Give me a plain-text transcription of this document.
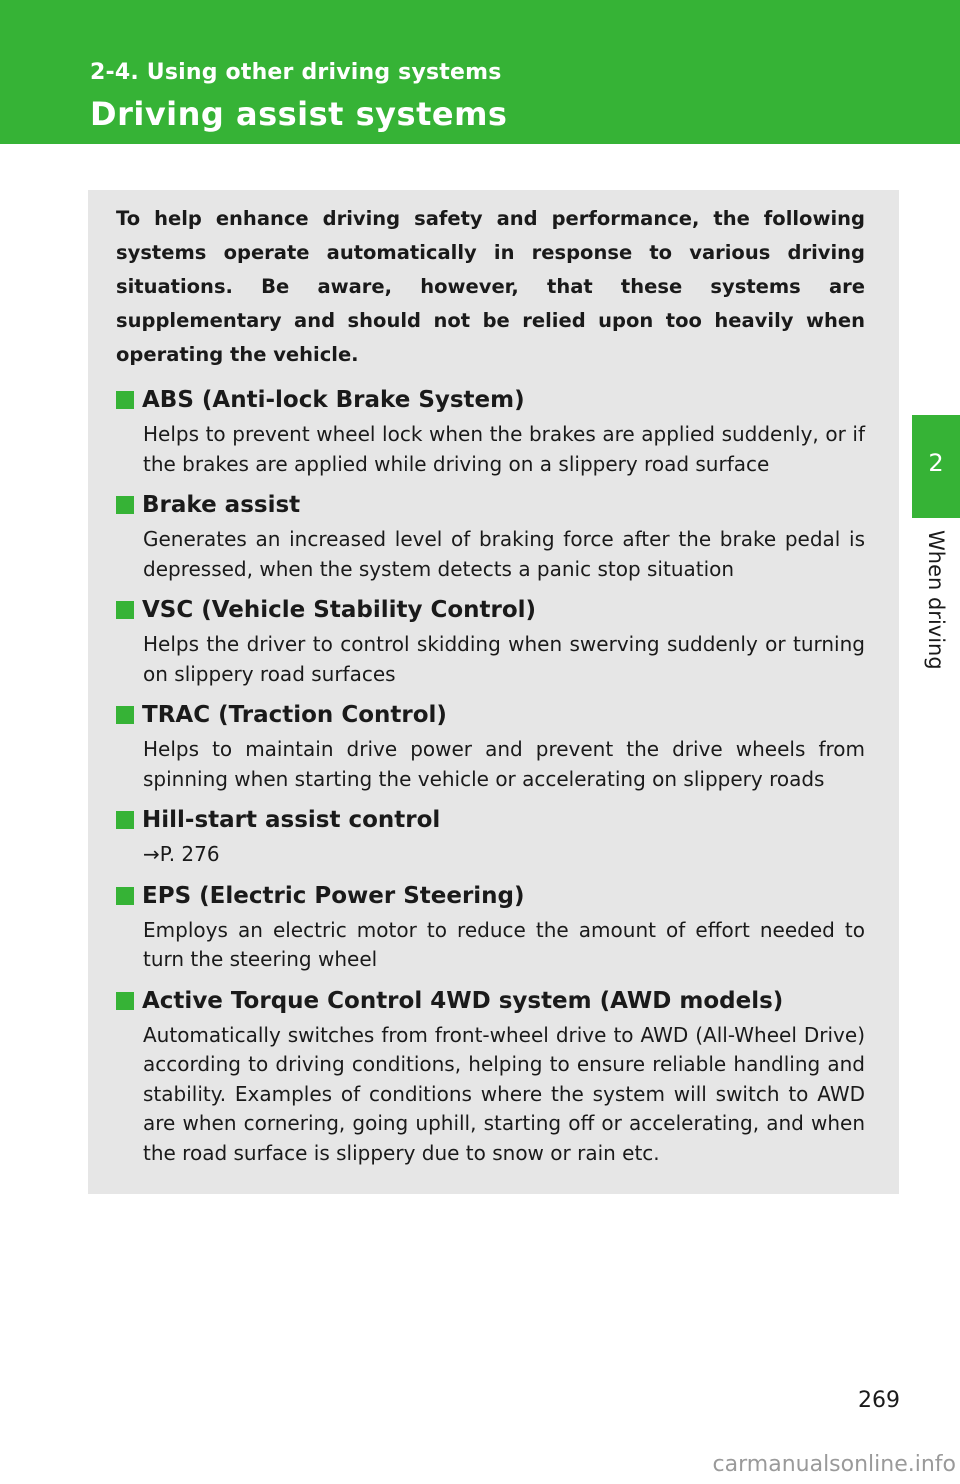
2-4. Using other driving systems
Driving assist systems
2
When driving

To help enhance driving safety and performance, the following systems operate automatically in response to various driving situations. Be aware, however, that these systems are supplementary and should not be relied upon too heavily when operating the vehicle.

ABS (Anti-lock Brake System)
Helps to prevent wheel lock when the brakes are applied suddenly, or if the brakes are applied while driving on a slippery road surface
Brake assist
Generates an increased level of braking force after the brake pedal is depressed, when the system detects a panic stop situation
VSC (Vehicle Stability Control)
Helps the driver to control skidding when swerving suddenly or turning on slippery road surfaces
TRAC (Traction Control)
Helps to maintain drive power and prevent the drive wheels from spinning when starting the vehicle or accelerating on slippery roads
Hill-start assist control
→P. 276
EPS (Electric Power Steering)
Employs an electric motor to reduce the amount of effort needed to turn the steering wheel
Active Torque Control 4WD system (AWD models)
Automatically switches from front-wheel drive to AWD (All-Wheel Drive) according to driving conditions, helping to ensure reliable handling and stability. Examples of conditions where the system will switch to AWD are when cornering, going uphill, starting off or accelerating, and when the road surface is slippery due to snow or rain etc.
269
carmanualsonline.info
